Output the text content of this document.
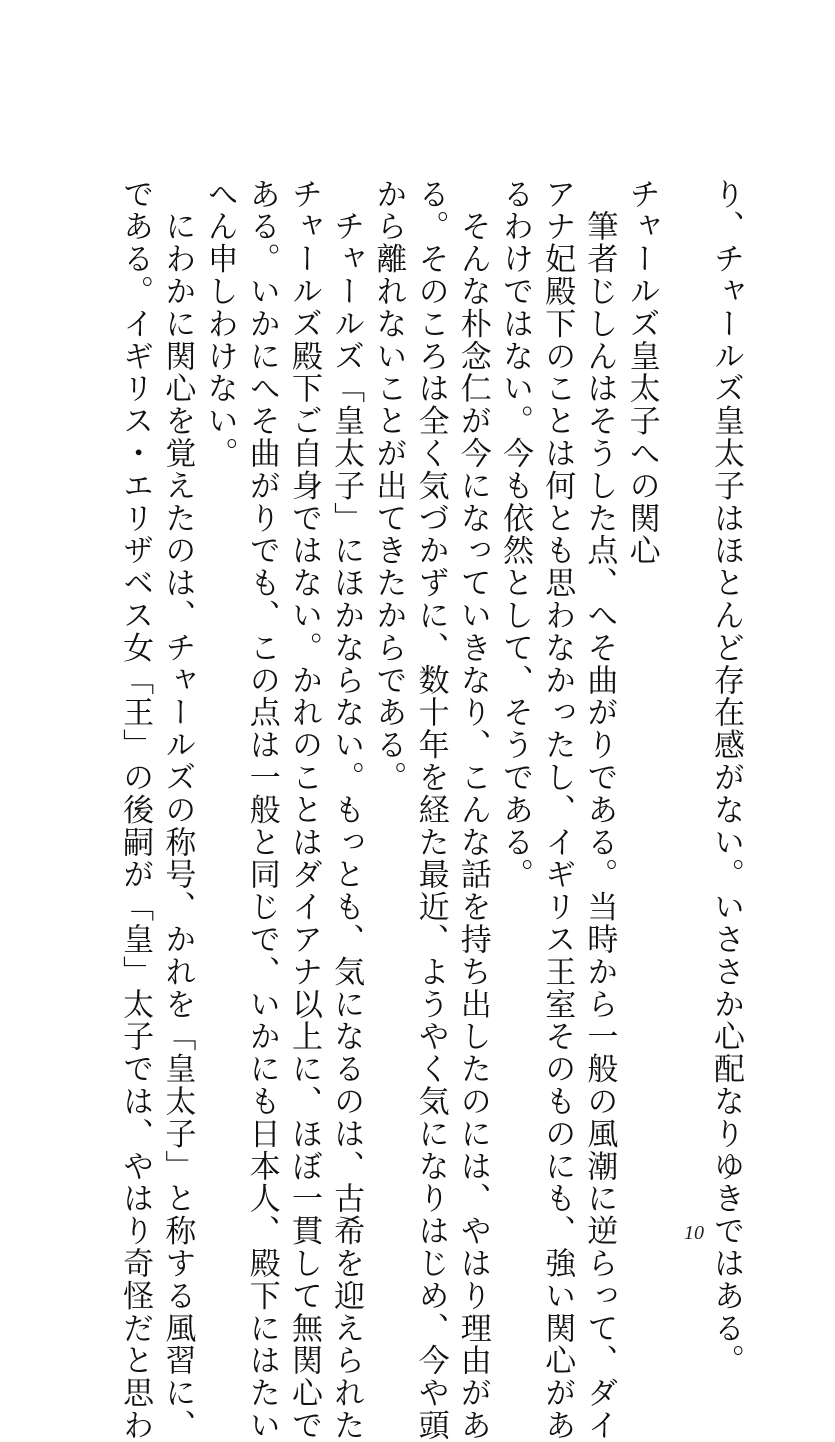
り、チャールズ皇太子はほとんど存在感がない。いささか心配なりゆきではある。

チャールズ皇太子への関心

　筆者じしんはそうした点、へそ曲がりである。当時から一般の風潮に逆らって、ダイ

アナ妃殿下のことは何とも思わなかったし、イギリス王室そのものにも、強い関心があ

るわけではない。今も依然として、そうである。

　そんな朴念仁が今になっていきなり、こんな話を持ち出したのには、やはり理由があ

る。そのころは全く気づかずに、数十年を経た最近、ようやく気になりはじめ、今や頭

から離れないことが出てきたからである。

　チャールズ「皇太子」にほかならない。もっとも、気になるのは、古希を迎えられた

チャールズ殿下ご自身ではない。かれのことはダイアナ以上に、ほぼ一貫して無関心で

ある。いかにへそ曲がりでも、この点は一般と同じで、いかにも日本人、殿下にはたい

へん申しわけない。

　にわかに関心を覚えたのは、チャールズの称号、かれを「皇太子」と称する風習に、

である。イギリス・エリザベス女「王」の後嗣が「皇」太子では、やはり奇怪だと思わ	10
